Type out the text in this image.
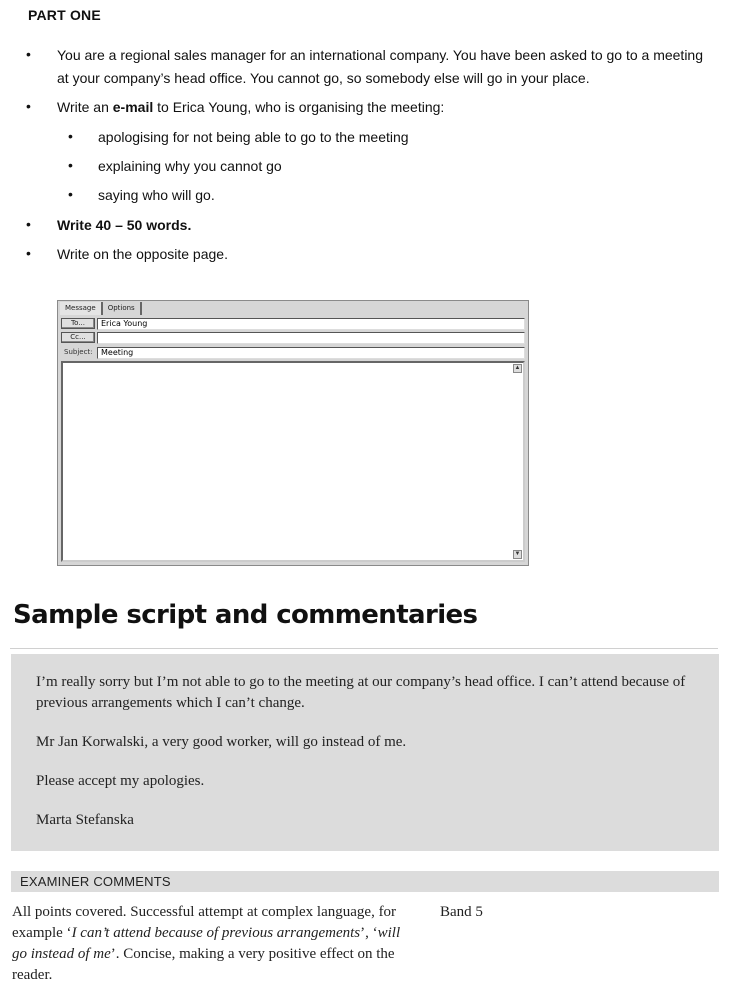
PART ONE
• You are a regional sales manager for an international company. You have been asked to go to a meeting at your company’s head office. You cannot go, so somebody else will go in your place.
• Write an e-mail to Erica Young, who is organising the meeting:
• apologising for not being able to go to the meeting
• explaining why you cannot go
• saying who will go.
• Write 40 – 50 words.
• Write on the opposite page.
Message	Options
To...	Erica Young
Cc...
Subject:	Meeting
▲
▼
Sample script and commentaries
I’m really sorry but I’m not able to go to the meeting at our company’s head office. I can’t attend because of previous arrangements which I can’t change.
Mr Jan Korwalski, a very good worker, will go instead of me.
Please accept my apologies.
Marta Stefanska
EXAMINER COMMENTS
All points covered. Successful attempt at complex language, for example ‘I can’t attend because of previous arrangements’, ‘will go instead of me’. Concise, making a very positive effect on the reader.
Band 5
